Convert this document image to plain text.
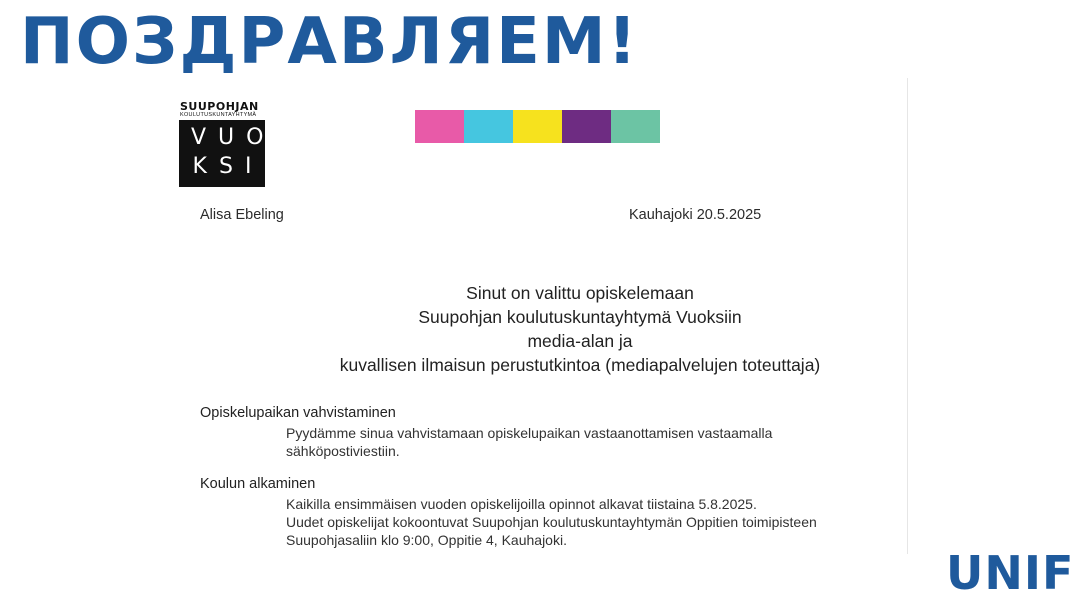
ПОЗДРАВЛЯЕМ!
SUUPOHJAN
KOULUTUSKUNTAYHTYMÄ
VUO
KSI
Alisa Ebeling	Kauhajoki 20.5.2025
Sinut on valittu opiskelemaan
Suupohjan koulutuskuntayhtymä Vuoksiin
media-alan ja
kuvallisen ilmaisun perustutkintoa (mediapalvelujen toteuttaja)
Opiskelupaikan vahvistaminen
Pyydämme sinua vahvistamaan opiskelupaikan vastaanottamisen vastaamalla
sähköpostiviestiin.
Koulun alkaminen
Kaikilla ensimmäisen vuoden opiskelijoilla opinnot alkavat tiistaina 5.8.2025.
Uudet opiskelijat kokoontuvat Suupohjan koulutuskuntayhtymän Oppitien toimipisteen
Suupohjasaliin klo 9:00, Oppitie 4, Kauhajoki.
UNIF
